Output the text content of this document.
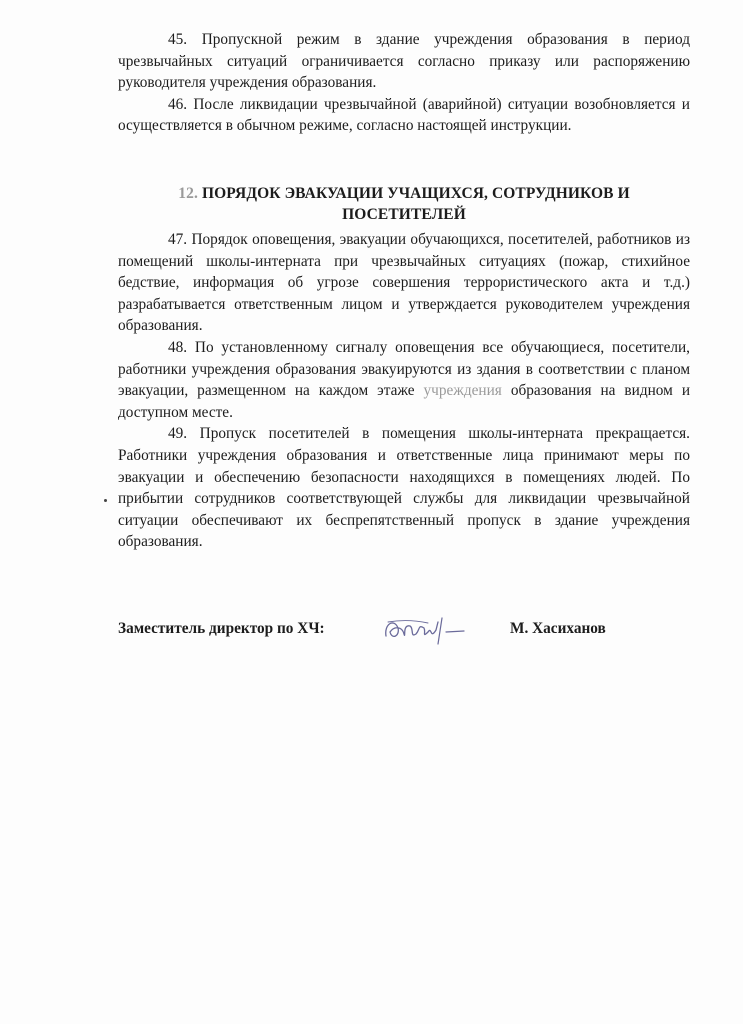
45. Пропускной режим в здание учреждения образования в период чрезвычайных ситуаций ограничивается согласно приказу или распоряжению руководителя учреждения образования.

46. После ликвидации чрезвычайной (аварийной) ситуации возобновляется и осуществляется в обычном режиме, согласно настоящей инструкции.

12. ПОРЯДОК ЭВАКУАЦИИ УЧАЩИХСЯ, СОТРУДНИКОВ И ПОСЕТИТЕЛЕЙ

47. Порядок оповещения, эвакуации обучающихся, посетителей, работников из помещений школы-интерната при чрезвычайных ситуациях (пожар, стихийное бедствие, информация об угрозе совершения террористического акта и т.д.) разрабатывается ответственным лицом и утверждается руководителем учреждения образования.

48. По установленному сигналу оповещения все обучающиеся, посетители, работники учреждения образования эвакуируются из здания в соответствии с планом эвакуации, размещенном на каждом этаже учреждения образования на видном и доступном месте.

49. Пропуск посетителей в помещения школы-интерната прекращается. Работники учреждения образования и ответственные лица принимают меры по эвакуации и обеспечению безопасности находящихся в помещениях людей. По прибытии сотрудников соответствующей службы для ликвидации чрезвычайной ситуации обеспечивают их беспрепятственный пропуск в здание учреждения образования.

Заместитель директор по ХЧ:	М. Хасиханов
